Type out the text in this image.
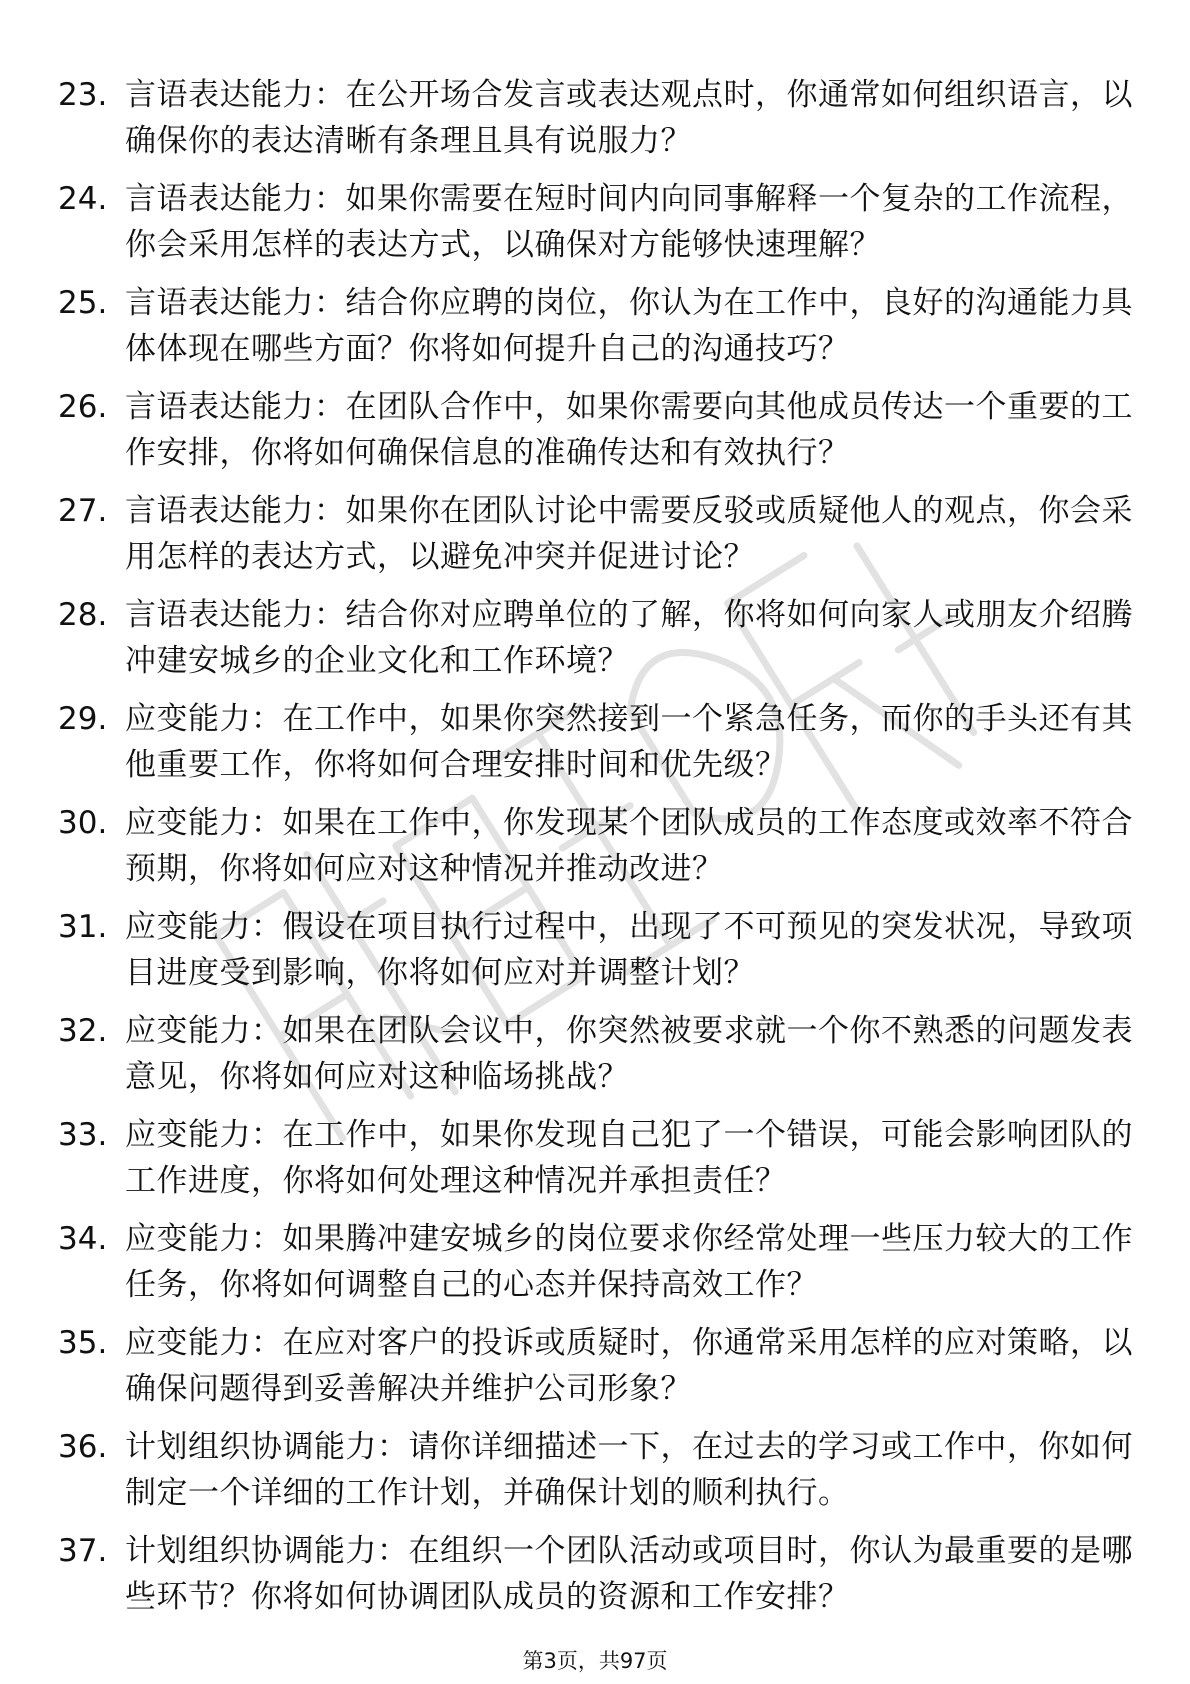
23. 言语表达能力：在公开场合发言或表达观点时，你通常如何组织语言，以确保你的表达清晰有条理且具有说服力？
24. 言语表达能力：如果你需要在短时间内向同事解释一个复杂的工作流程，你会采用怎样的表达方式，以确保对方能够快速理解？
25. 言语表达能力：结合你应聘的岗位，你认为在工作中，良好的沟通能力具体体现在哪些方面？你将如何提升自己的沟通技巧？
26. 言语表达能力：在团队合作中，如果你需要向其他成员传达一个重要的工作安排，你将如何确保信息的准确传达和有效执行？
27. 言语表达能力：如果你在团队讨论中需要反驳或质疑他人的观点，你会采用怎样的表达方式，以避免冲突并促进讨论？
28. 言语表达能力：结合你对应聘单位的了解，你将如何向家人或朋友介绍腾冲建安城乡的企业文化和工作环境？
29. 应变能力：在工作中，如果你突然接到一个紧急任务，而你的手头还有其他重要工作，你将如何合理安排时间和优先级？
30. 应变能力：如果在工作中，你发现某个团队成员的工作态度或效率不符合预期，你将如何应对这种情况并推动改进？
31. 应变能力：假设在项目执行过程中，出现了不可预见的突发状况，导致项目进度受到影响，你将如何应对并调整计划？
32. 应变能力：如果在团队会议中，你突然被要求就一个你不熟悉的问题发表意见，你将如何应对这种临场挑战？
33. 应变能力：在工作中，如果你发现自己犯了一个错误，可能会影响团队的工作进度，你将如何处理这种情况并承担责任？
34. 应变能力：如果腾冲建安城乡的岗位要求你经常处理一些压力较大的工作任务，你将如何调整自己的心态并保持高效工作？
35. 应变能力：在应对客户的投诉或质疑时，你通常采用怎样的应对策略，以确保问题得到妥善解决并维护公司形象？
36. 计划组织协调能力：请你详细描述一下，在过去的学习或工作中，你如何制定一个详细的工作计划，并确保计划的顺利执行。
37. 计划组织协调能力：在组织一个团队活动或项目时，你认为最重要的是哪些环节？你将如何协调团队成员的资源和工作安排？
第3页，共97页
